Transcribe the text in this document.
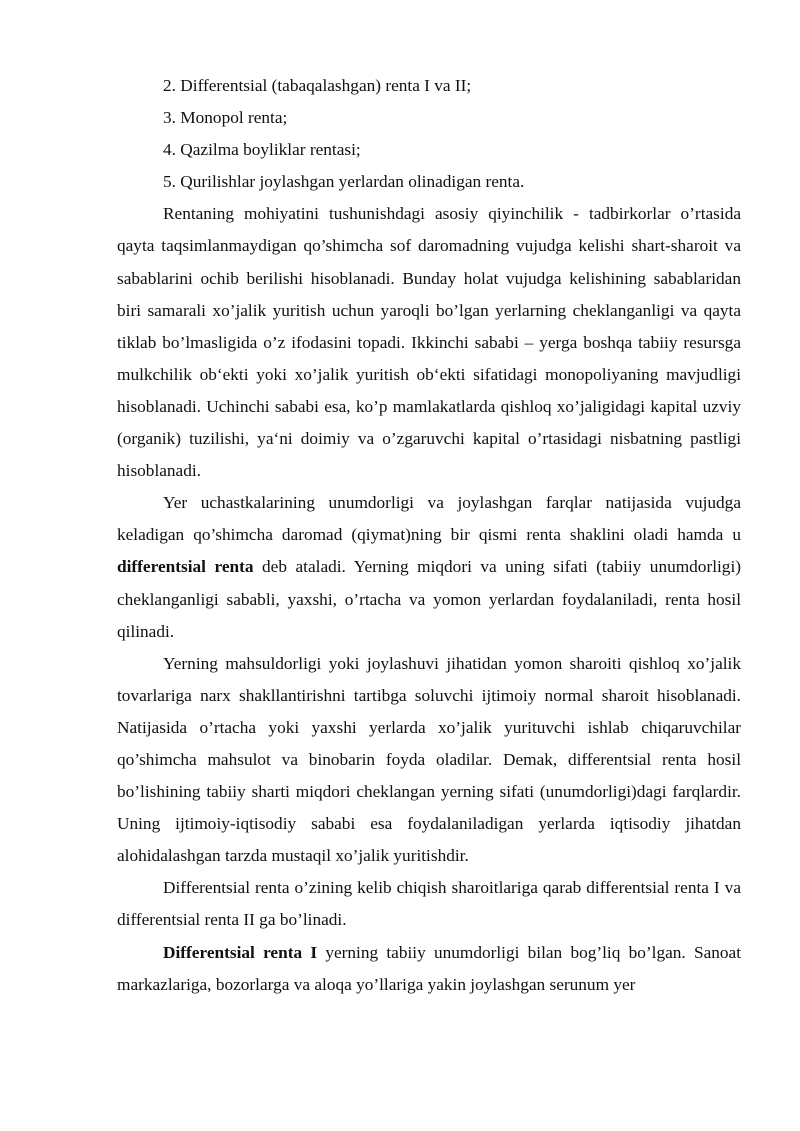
2. Differentsial (tabaqalashgan) renta I va II;

3. Monopol renta;

4. Qazilma boyliklar rentasi;

5. Qurilishlar joylashgan yerlardan olinadigan renta.

Rentaning mohiyatini tushunishdagi asosiy qiyinchilik - tadbirkorlar o’rtasida qayta taqsimlanmaydigan qo’shimcha sof daromadning vujudga kelishi shart-sharoit va sabablarini ochib berilishi hisoblanadi. Bunday holat vujudga kelishining sabablaridan biri samarali xo’jalik yuritish uchun yaroqli bo’lgan yerlarning cheklanganligi va qayta tiklab bo’lmasligida o’z ifodasini topadi. Ikkinchi sababi – yerga boshqa tabiiy resursga mulkchilik ob‘ekti yoki xo’jalik yuritish ob‘ekti sifatidagi monopoliyaning mavjudligi hisoblanadi. Uchinchi sababi esa, ko’p mamlakatlarda qishloq xo’jaligidagi kapital uzviy (organik) tuzilishi, ya‘ni doimiy va o’zgaruvchi kapital o’rtasidagi nisbatning pastligi hisoblanadi.

Yer uchastkalarining unumdorligi va joylashgan farqlar natijasida vujudga keladigan qo’shimcha daromad (qiymat)ning bir qismi renta shaklini oladi hamda u differentsial renta deb ataladi. Yerning miqdori va uning sifati (tabiiy unumdorligi) cheklanganligi sababli, yaxshi, o’rtacha va yomon yerlardan foydalaniladi, renta hosil qilinadi.

Yerning mahsuldorligi yoki joylashuvi jihatidan yomon sharoiti qishloq xo’jalik tovarlariga narx shakllantirishni tartibga soluvchi ijtimoiy normal sharoit hisoblanadi. Natijasida o’rtacha yoki yaxshi yerlarda xo’jalik yurituvchi ishlab chiqaruvchilar qo’shimcha mahsulot va binobarin foyda oladilar. Demak, differentsial renta hosil bo’lishining tabiiy sharti miqdori cheklangan yerning sifati (unumdorligi)dagi farqlardir. Uning ijtimoiy-iqtisodiy sababi esa foydalaniladigan yerlarda iqtisodiy jihatdan alohidalashgan tarzda mustaqil xo’jalik yuritishdir.

Differentsial renta o’zining kelib chiqish sharoitlariga qarab differentsial renta I va differentsial renta II ga bo’linadi.

Differentsial renta I yerning tabiiy unumdorligi bilan bog’liq bo’lgan. Sanoat markazlariga, bozorlarga va aloqa yo’llariga yakin joylashgan serunum yer
